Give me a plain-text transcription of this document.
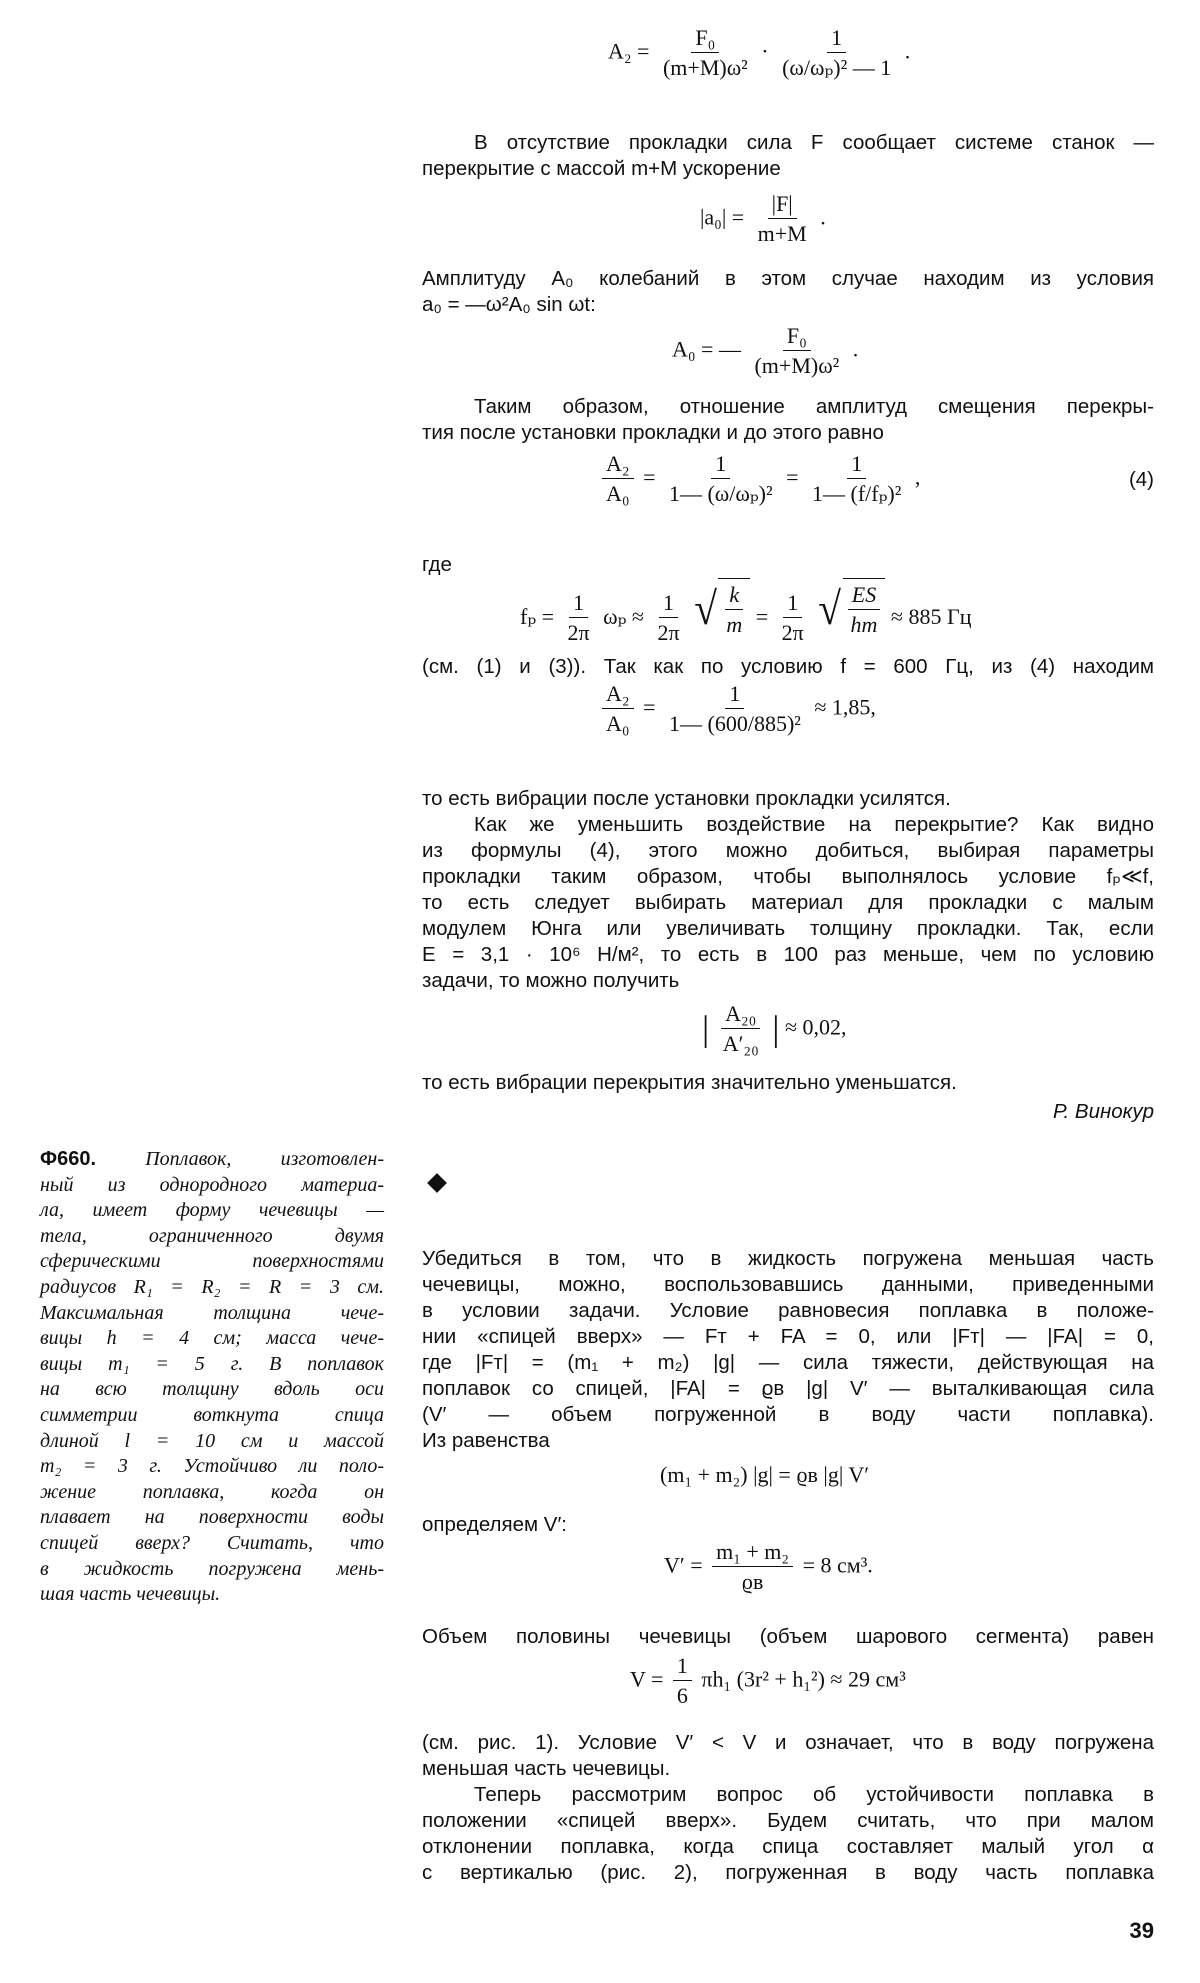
$A_2 = \frac{\text{F₀}}{\text{(m+M)ω²}} \cdot \frac{1}{\text{(ω/ωₚ)² — 1}}$ .
В отсутствие прокладки сила F сообщает системе станок —
перекрытие с массой m+M ускорение
$|a_0| = \frac{|F|}{m+M}$ .
Амплитуду A₀ колебаний в этом случае находим из условия
a₀ = —ω²A₀ sin ωt:
A₀ = — $\frac{\text{F₀}}{\text{(m+M)ω²}}$ .
Таким образом, отношение амплитуд смещения перекры-
тия после установки прокладки и до этого равно
$\frac{\text{A₂}}{\text{A₀}} = \frac{1}{\text{1— (ω/ωₚ)²}} = \frac{1}{\text{1— (f/fₚ)²}}$ ,	(4)
где
$f_p = \frac{1}{2\pi}$ $\omega_p \approx \frac{1}{2\pi}$
√ $\frac{k}{m} = \frac{1}{2\pi}$
√ $\frac{ES}{hm} \approx 885$ Гц
(см. (1) и (3)). Так как по условию f = 600 Гц, из (4) находим
$\frac{\text{A₂}}{\text{A₀}} = \frac{1}{\text{1— (600/885)²}} \approx 1,85$,
то есть вибрации после установки прокладки усилятся.
Как же уменьшить воздействие на перекрытие? Как видно
из формулы (4), этого можно добиться, выбирая параметры
прокладки таким образом, чтобы выполнялось условие fₚ≪f,
то есть следует выбирать материал для прокладки с малым
модулем Юнга или увеличивать толщину прокладки. Так, если
E = 3,1 · 10⁶ Н/м², то есть в 100 раз меньше, чем по условию
задачи, то можно получить
| $\frac{\text{A₂₀}}{\text{A′₂₀}}$ | ≈ 0,02,
то есть вибрации перекрытия значительно уменьшатся.
Р. Винокур
Ф660. Поплавок, изготовлен-
ный из однородного материа-
ла, имеет форму чечевицы —
тела, ограниченного двумя
сферическими поверхностями
радиусов R₁ = R₂ = R = 3 см.
Максимальная толщина чече-
вицы h = 4 см; масса чече-
вицы m₁ = 5 г. В поплавок
на всю толщину вдоль оси
симметрии воткнута спица
длиной l = 10 см и массой
m₂ = 3 г. Устойчиво ли поло-
жение поплавка, когда он
плавает на поверхности воды
спицей вверх? Считать, что
в жидкость погружена мень-
шая часть чечевицы.
Убедиться в том, что в жидкость погружена меньшая часть
чечевицы, можно, воспользовавшись данными, приведенными
в условии задачи. Условие равновесия поплавка в положе-
нии «спицей вверх» — Fт + FA = 0, или |Fт| — |FA| = 0,
где |Fт| = (m₁ + m₂) |g| — сила тяжести, действующая на
поплавок со спицей, |FA| = ϱв |g| V′ — выталкивающая сила
(V′ — объем погруженной в воду части поплавка).
Из равенства
(m₁ + m₂) |g| = ϱв |g| V′
определяем V′:
$V' = \frac{\text{m₁ + m₂}}{ϱв} = 8$ см³.
Объем половины чечевицы (объем шарового сегмента) равен
$V = \frac{1}{6} \pi h_1$ (3r² + h₁²) ≈ 29 см³
(см. рис. 1). Условие V′ < V и означает, что в воду погружена
меньшая часть чечевицы.
Теперь рассмотрим вопрос об устойчивости поплавка в
положении «спицей вверх». Будем считать, что при малом
отклонении поплавка, когда спица составляет малый угол α
с вертикалью (рис. 2), погруженная в воду часть поплавка
39
